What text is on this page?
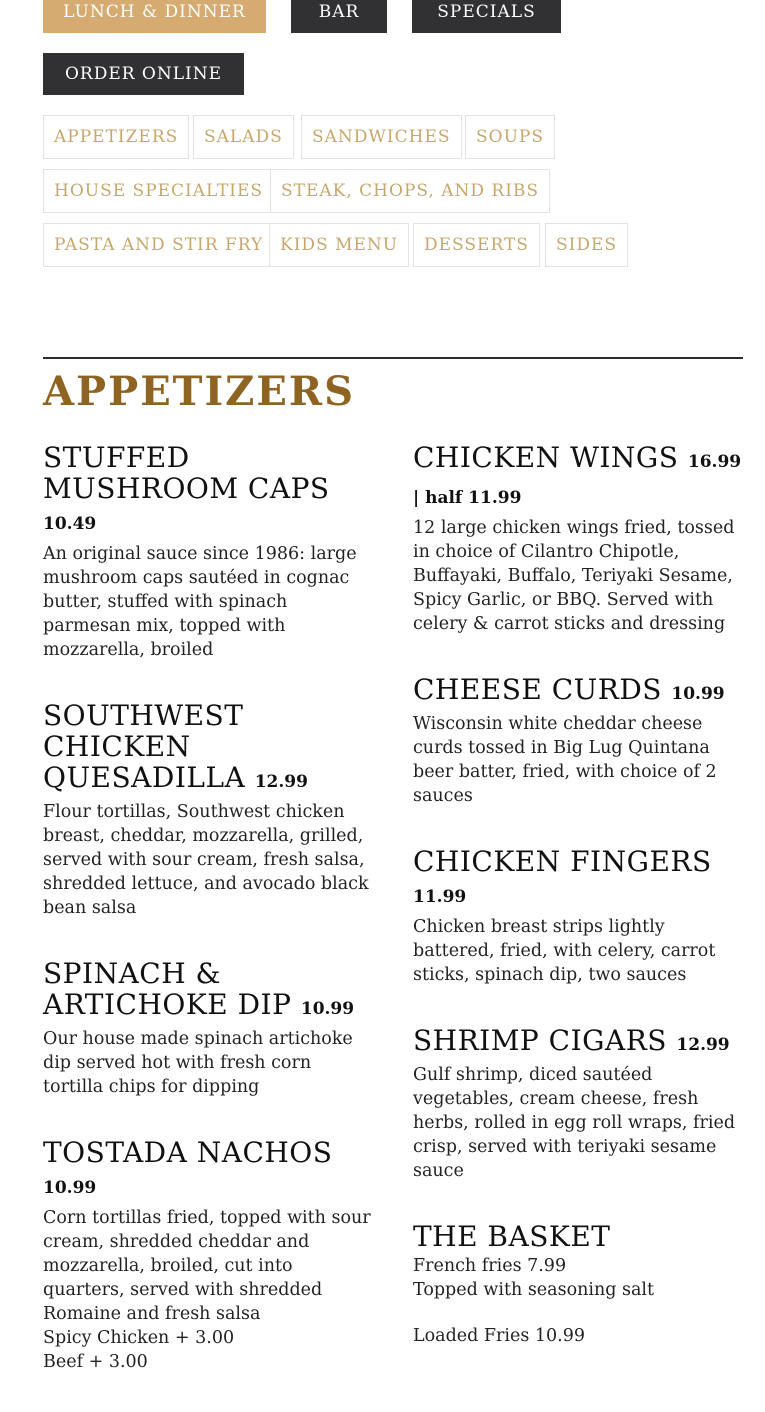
LUNCH & DINNER	BAR	SPECIALS
ORDER ONLINE
APPETIZERS	SALADS	SANDWICHES	SOUPS
HOUSE SPECIALTIES	STEAK, CHOPS, AND RIBS
PASTA AND STIR FRY KIDS MENU	DESSERTS	SIDES
APPETIZERS
STUFFED MUSHROOM CAPS 10.49

An original sauce since 1986: large mushroom caps sautéed in cognac butter, stuffed with spinach parmesan mix, topped with mozzarella, broiled

SOUTHWEST CHICKEN QUESADILLA 12.99

Flour tortillas, Southwest chicken breast, cheddar, mozzarella, grilled, served with sour cream, fresh salsa, shredded lettuce, and avocado black bean salsa

SPINACH & ARTICHOKE DIP 10.99

Our house made spinach artichoke dip served hot with fresh corn tortilla chips for dipping

TOSTADA NACHOS 10.99

Corn tortillas fried, topped with sour cream, shredded cheddar and mozzarella, broiled, cut into quarters, served with shredded Romaine and fresh salsa

Spicy Chicken + 3.00

Beef + 3.00

CHICKEN WINGS 16.99 | half 11.99

12 large chicken wings fried, tossed in choice of Cilantro Chipotle, Buffayaki, Buffalo, Teriyaki Sesame, Spicy Garlic, or BBQ. Served with celery & carrot sticks and dressing

CHEESE CURDS 10.99

Wisconsin white cheddar cheese curds tossed in Big Lug Quintana beer batter, fried, with choice of 2 sauces

CHICKEN FINGERS 11.99

Chicken breast strips lightly battered, fried, with celery, carrot sticks, spinach dip, two sauces

SHRIMP CIGARS 12.99

Gulf shrimp, diced sautéed vegetables, cream cheese, fresh herbs, rolled in egg roll wraps, fried crisp, served with teriyaki sesame sauce

THE BASKET

French fries 7.99

Topped with seasoning salt

Loaded Fries 10.99
